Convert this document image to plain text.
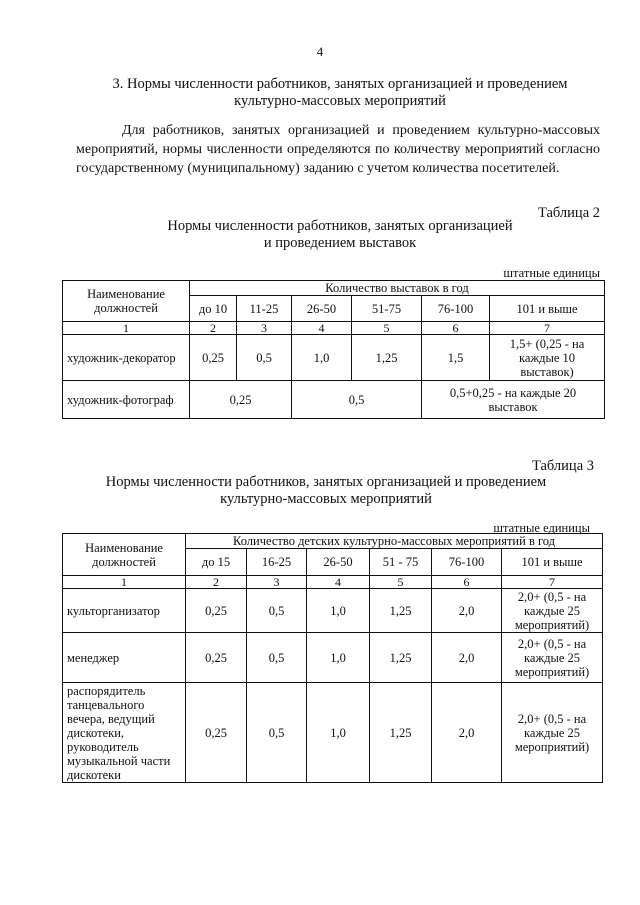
4
3. Нормы численности работников, занятых организацией и проведением
культурно-массовых мероприятий
Для работников, занятых организацией и проведением культурно-массовых мероприятий, нормы численности определяются по количеству мероприятий согласно государственному (муниципальному) заданию с учетом количества посетителей.
Таблица 2
Нормы численности работников, занятых организацией
и проведением выставок
штатные единицы
Наименование должностей	Количество выставок в год					
	до 10	11-25	26-50	51-75	76-100	101 и выше
1	2	3	4	5	6	7
художник-декоратор	0,25	0,5	1,0	1,25	1,5	1,5+ (0,25 - на каждые 10 выставок)
художник-фотограф	0,25		0,5		0,5+0,25 - на каждые 20 выставок	
Таблица 3
Нормы численности работников, занятых организацией и проведением
культурно-массовых мероприятий
штатные единицы
Наименование должностей	Количество детских культурно-массовых мероприятий в год					
	до 15	16-25	26-50	51 - 75	76-100	101 и выше
1	2	3	4	5	6	7
культорганизатор	0,25	0,5	1,0	1,25	2,0	2,0+ (0,5 - на каждые 25 мероприятий)
менеджер	0,25	0,5	1,0	1,25	2,0	2,0+ (0,5 - на каждые 25 мероприятий)
распорядитель танцевального вечера, ведущий дискотеки, руководитель музыкальной части дискотеки	0,25	0,5	1,0	1,25	2,0	2,0+ (0,5 - на каждые 25 мероприятий)
